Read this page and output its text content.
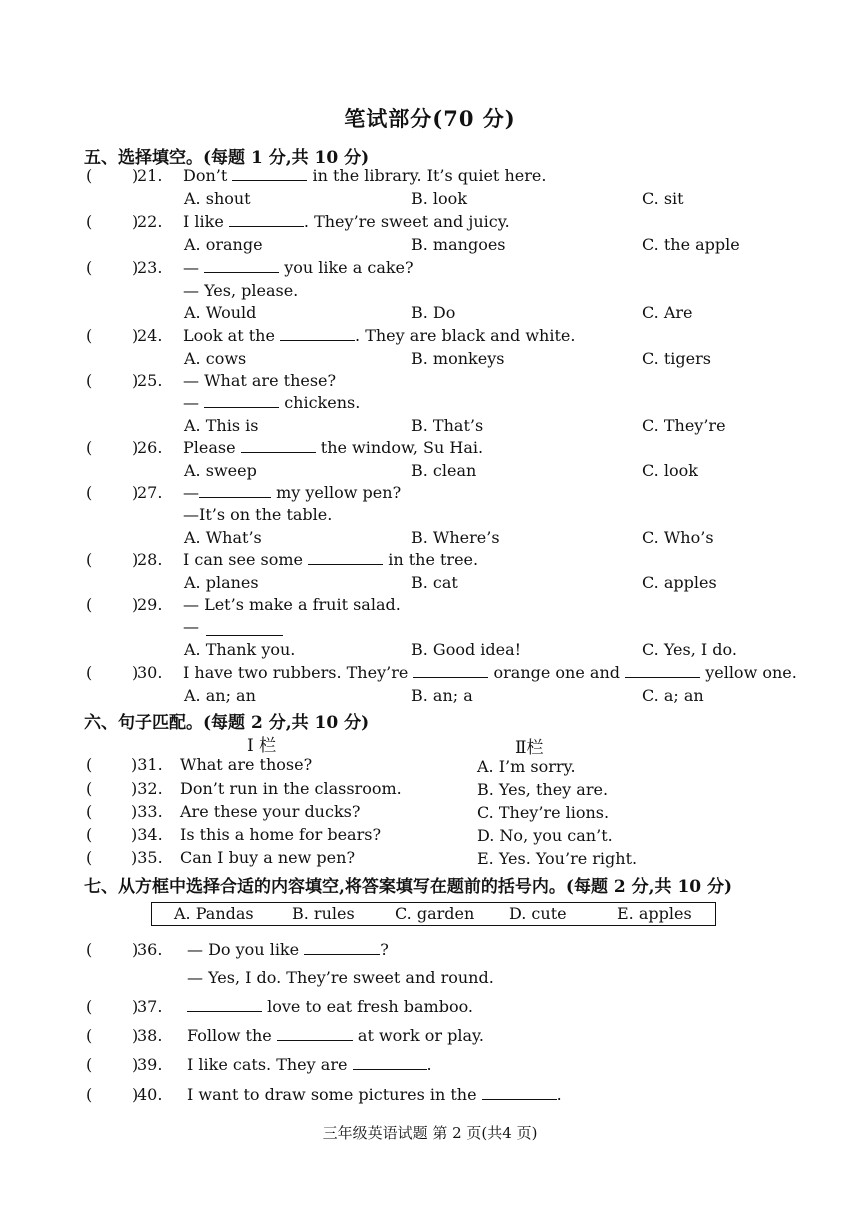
笔试部分(70 分)
五、选择填空。(每题 1 分,共 10 分)
( )
21. Don’t	in the library. It’s quiet here.
A. shout	B. look	C. sit
( )
22. I like	. They’re sweet and juicy.
A. orange	B. mangoes	C. the apple
( )
23. —	you like a cake?
— Yes, please.
A. Would	B. Do	C. Are
( )
24. Look at the	. They are black and white.
A. cows	B. monkeys	C. tigers
( )
25. — What are these?
—	chickens.
A. This is	B. That’s	C. They’re
( )
26. Please	the window, Su Hai.
A. sweep	B. clean	C. look
( )
27. —	my yellow pen?
—It’s on the table.
A. What’s	B. Where’s	C. Who’s
( )
28. I can see some	in the tree.
A. planes	B. cat	C. apples
( )
29. — Let’s make a fruit salad.
—
A. Thank you.	B. Good idea!	C. Yes, I do.
( )
30. I have two rubbers. They’re	orange one and	yellow one.
A. an; an	B. an; a	C. a; an
六、句子匹配。(每题 2 分,共 10 分)
Ⅰ 栏	Ⅱ栏
( )31. What are those?	A. I’m sorry.
( )32. Don’t run in the classroom.	B. Yes, they are.
( )33. Are these your ducks?	C. They’re lions.
( )34. Is this a home for bears?	D. No, you can’t.
( )35. Can I buy a new pen?	E. Yes. You’re right.
七、从方框中选择合适的内容填空,将答案填写在题前的括号内。(每题 2 分,共 10 分)
A. Pandas B. rules	C. garden D. cute	E. apples
( )
36. — Do you like	?
— Yes, I do. They’re sweet and round.
( )
37.	love to eat fresh bamboo.
( )
38. Follow the	at work or play.
( )
39. I like cats. They are	.
( )
40. I want to draw some pictures in the	.
三年级英语试题 第 2 页(共4 页)
